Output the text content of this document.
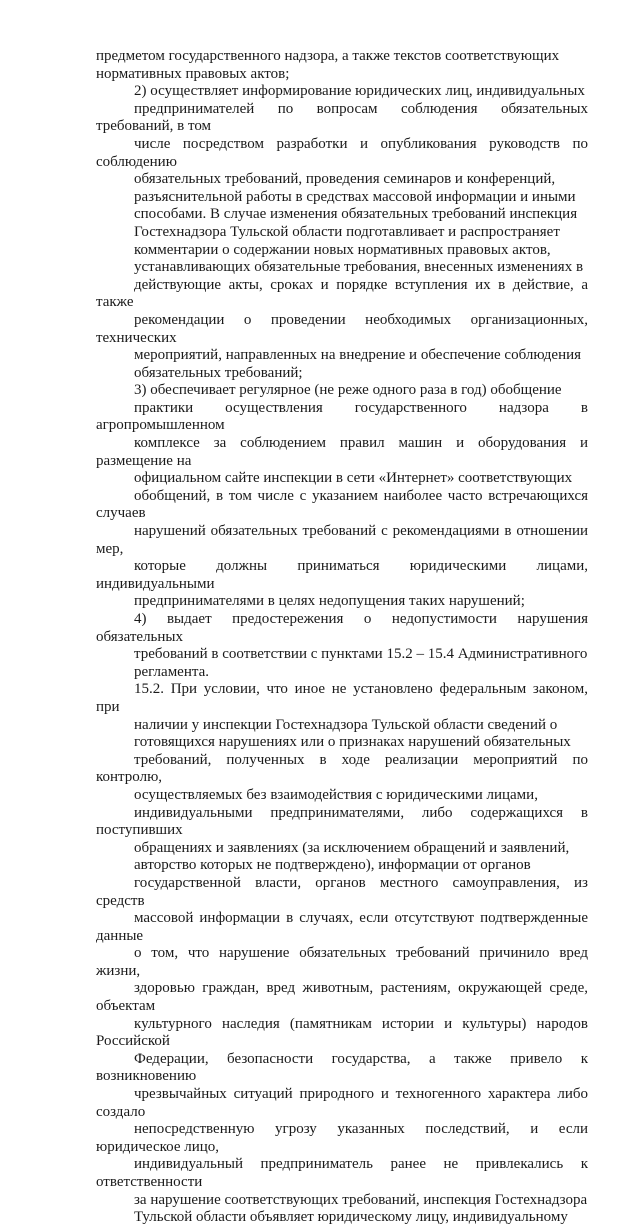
предметом государственного надзора, а также текстов соответствующих
нормативных правовых актов;

2) осуществляет информирование юридических лиц, индивидуальных
предпринимателей по вопросам соблюдения обязательных требований, в том
числе посредством разработки и опубликования руководств по соблюдению
обязательных требований, проведения семинаров и конференций,
разъяснительной работы в средствах массовой информации и иными
способами. В случае изменения обязательных требований инспекция
Гостехнадзора Тульской области подготавливает и распространяет
комментарии о содержании новых нормативных правовых актов,
устанавливающих обязательные требования, внесенных изменениях в
действующие акты, сроках и порядке вступления их в действие, а также
рекомендации о проведении необходимых организационных, технических
мероприятий, направленных на внедрение и обеспечение соблюдения
обязательных требований;

3) обеспечивает регулярное (не реже одного раза в год) обобщение
практики осуществления государственного надзора в агропромышленном
комплексе за соблюдением правил машин и оборудования и размещение на
официальном сайте инспекции в сети «Интернет» соответствующих
обобщений, в том числе с указанием наиболее часто встречающихся случаев
нарушений обязательных требований с рекомендациями в отношении мер,
которые должны приниматься юридическими лицами, индивидуальными
предпринимателями в целях недопущения таких нарушений;

4) выдает предостережения о недопустимости нарушения обязательных
требований в соответствии с пунктами 15.2 – 15.4 Административного
регламента.

15.2. При условии, что иное не установлено федеральным законом, при
наличии у инспекции Гостехнадзора Тульской области сведений о
готовящихся нарушениях или о признаках нарушений обязательных
требований, полученных в ходе реализации мероприятий по контролю,
осуществляемых без взаимодействия с юридическими лицами,
индивидуальными предпринимателями, либо содержащихся в поступивших
обращениях и заявлениях (за исключением обращений и заявлений,
авторство которых не подтверждено), информации от органов
государственной власти, органов местного самоуправления, из средств
массовой информации в случаях, если отсутствуют подтвержденные данные
о том, что нарушение обязательных требований причинило вред жизни,
здоровью граждан, вред животным, растениям, окружающей среде, объектам
культурного наследия (памятникам истории и культуры) народов Российской
Федерации, безопасности государства, а также привело к возникновению
чрезвычайных ситуаций природного и техногенного характера либо создало
непосредственную угрозу указанных последствий, и если юридическое лицо,
индивидуальный предприниматель ранее не привлекались к ответственности
за нарушение соответствующих требований, инспекция Гостехнадзора
Тульской области объявляет юридическому лицу, индивидуальному
